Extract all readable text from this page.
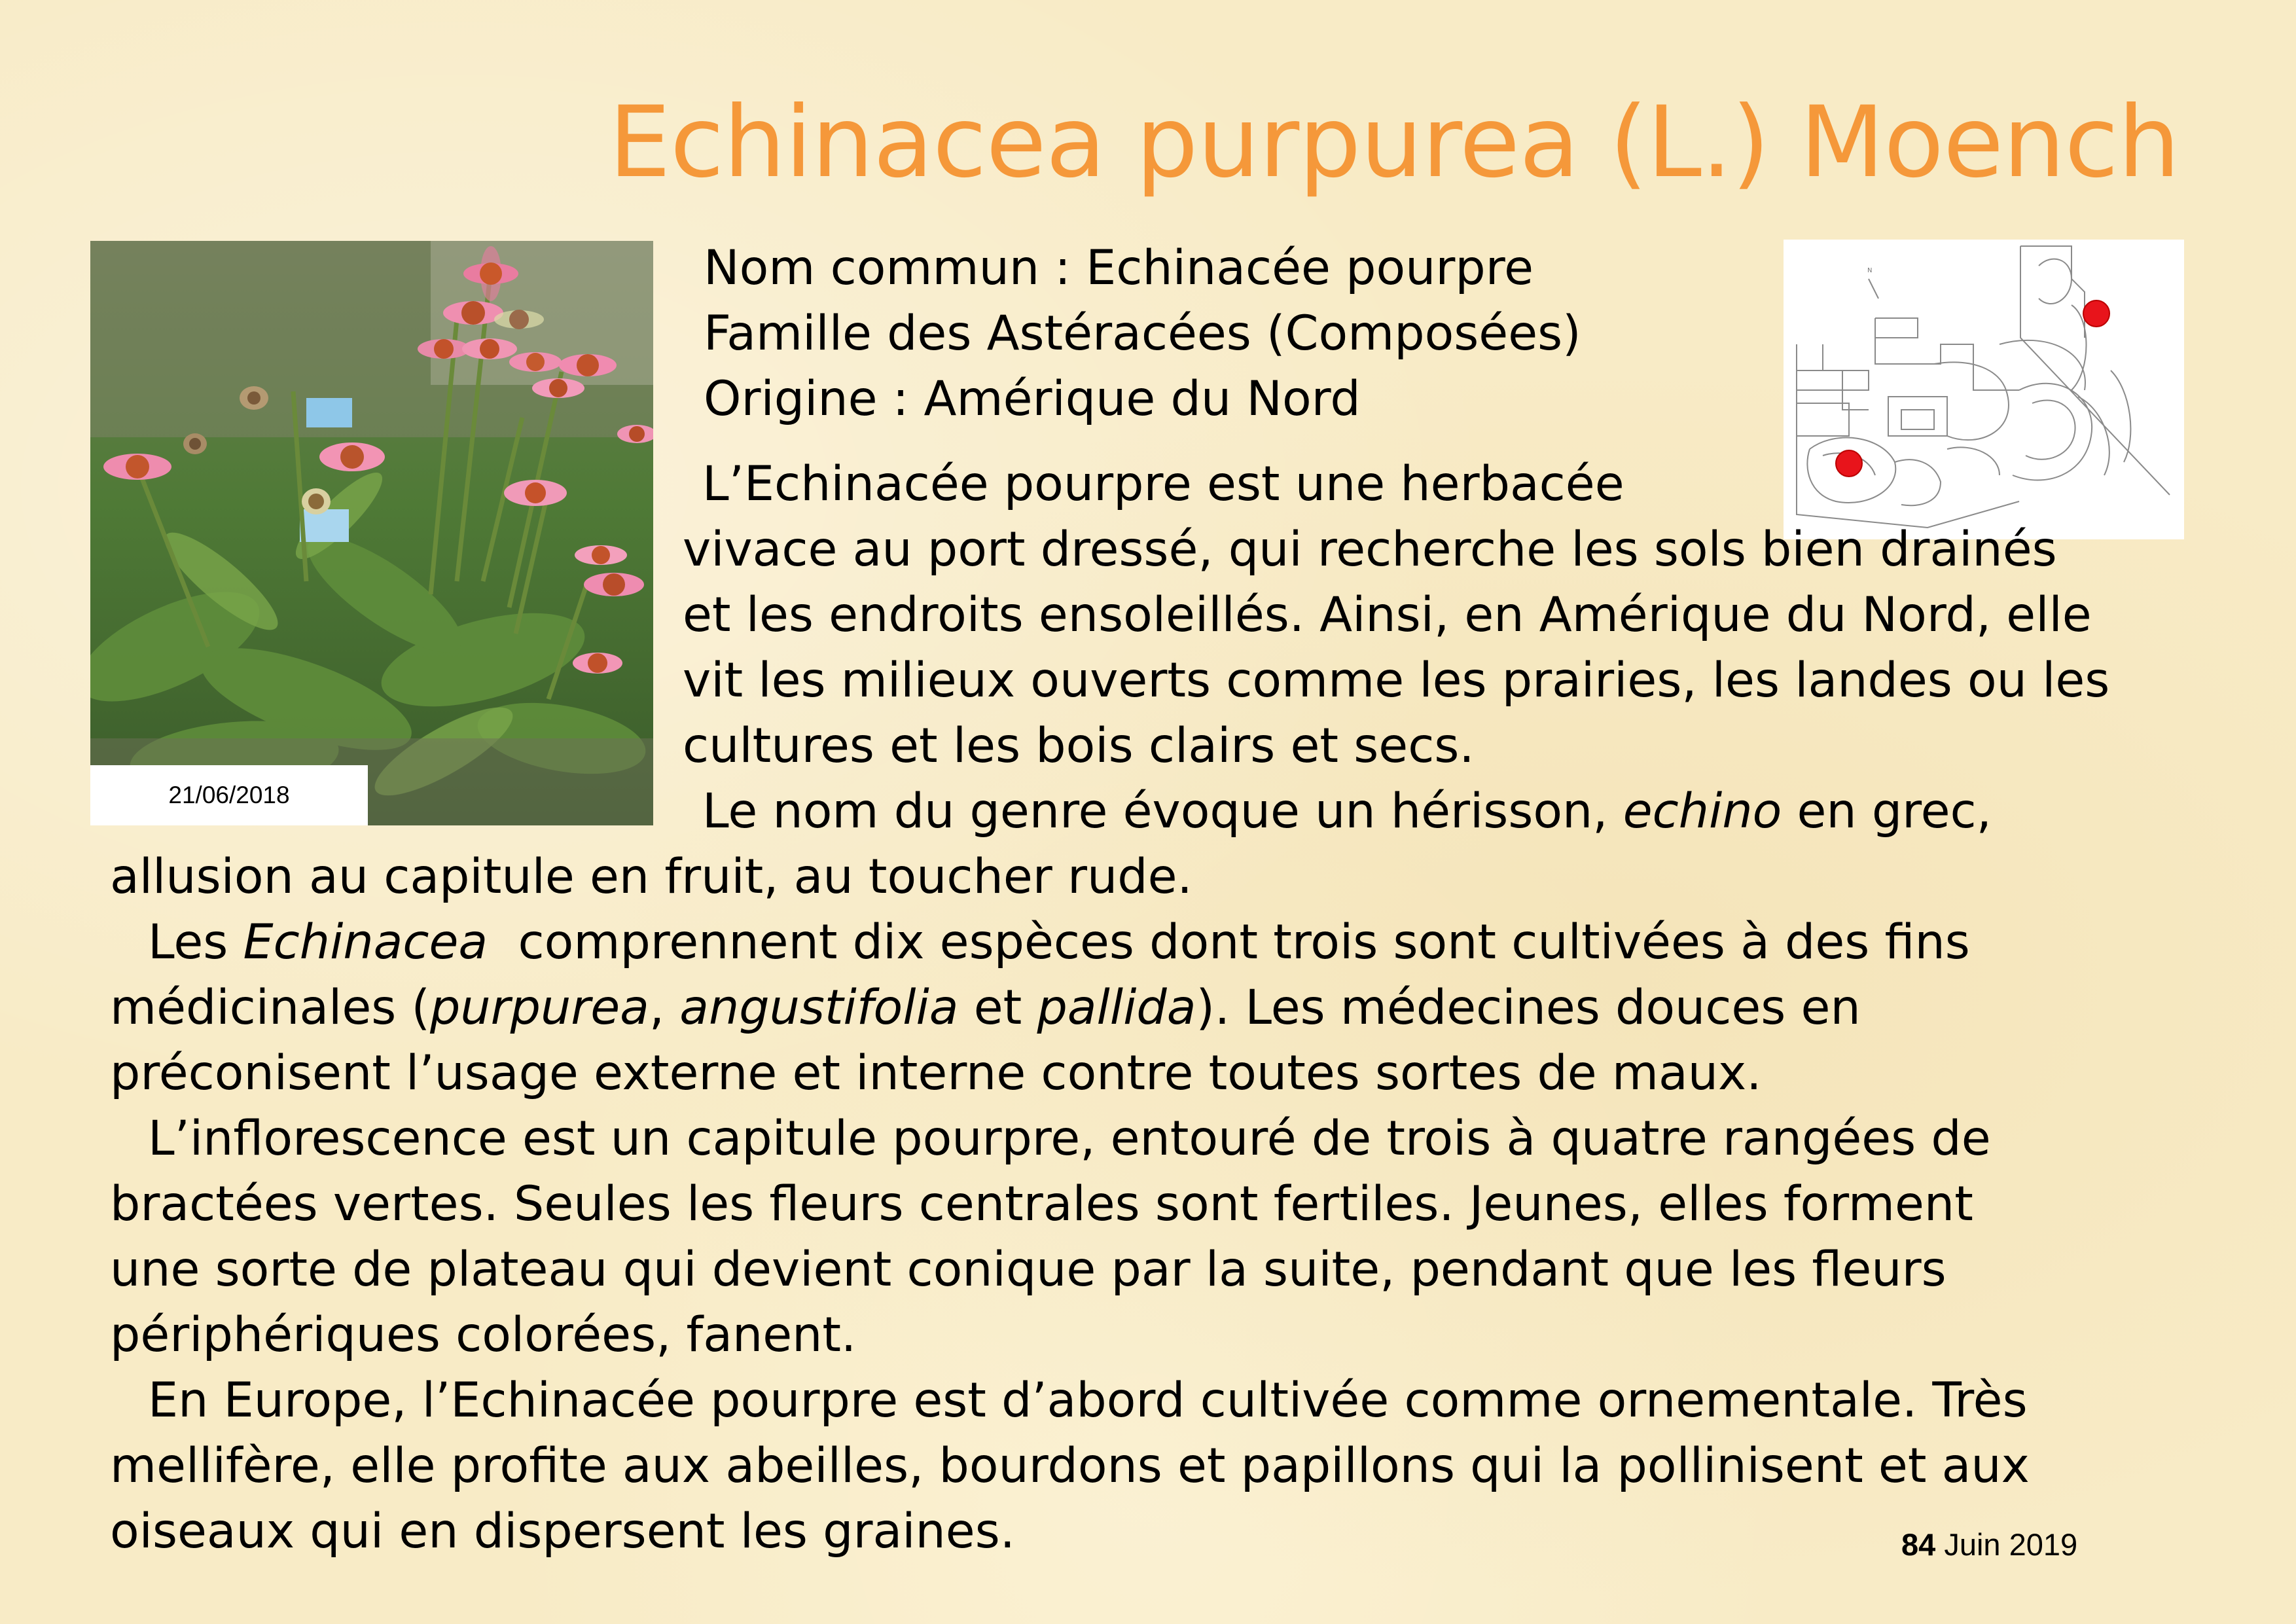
Echinacea purpurea (L.) Moench
21/06/2018
Nom commun : Echinacée pourpre
Famille des Astéracées (Composées)
Origine : Amérique du Nord
N
L’Echinacée pourpre est une herbacée
vivace au port dressé, qui recherche les sols bien drainés
et les endroits ensoleillés. Ainsi, en Amérique du Nord, elle
vit les milieux ouverts comme les prairies, les landes ou les
cultures et les bois clairs et secs.
Le nom du genre évoque un hérisson, echino en grec,
allusion au capitule en fruit, au toucher rude.
Les Echinacea  comprennent dix espèces dont trois sont cultivées à des fins
médicinales (purpurea, angustifolia et pallida). Les médecines douces en
préconisent l’usage externe et interne contre toutes sortes de maux.
L’inflorescence est un capitule pourpre, entouré de trois à quatre rangées de
bractées vertes. Seules les fleurs centrales sont fertiles. Jeunes, elles forment
une sorte de plateau qui devient conique par la suite, pendant que les fleurs
périphériques colorées, fanent.
En Europe, l’Echinacée pourpre est d’abord cultivée comme ornementale. Très
mellifère, elle profite aux abeilles, bourdons et papillons qui la pollinisent et aux
oiseaux qui en dispersent les graines.	84 Juin 2019
